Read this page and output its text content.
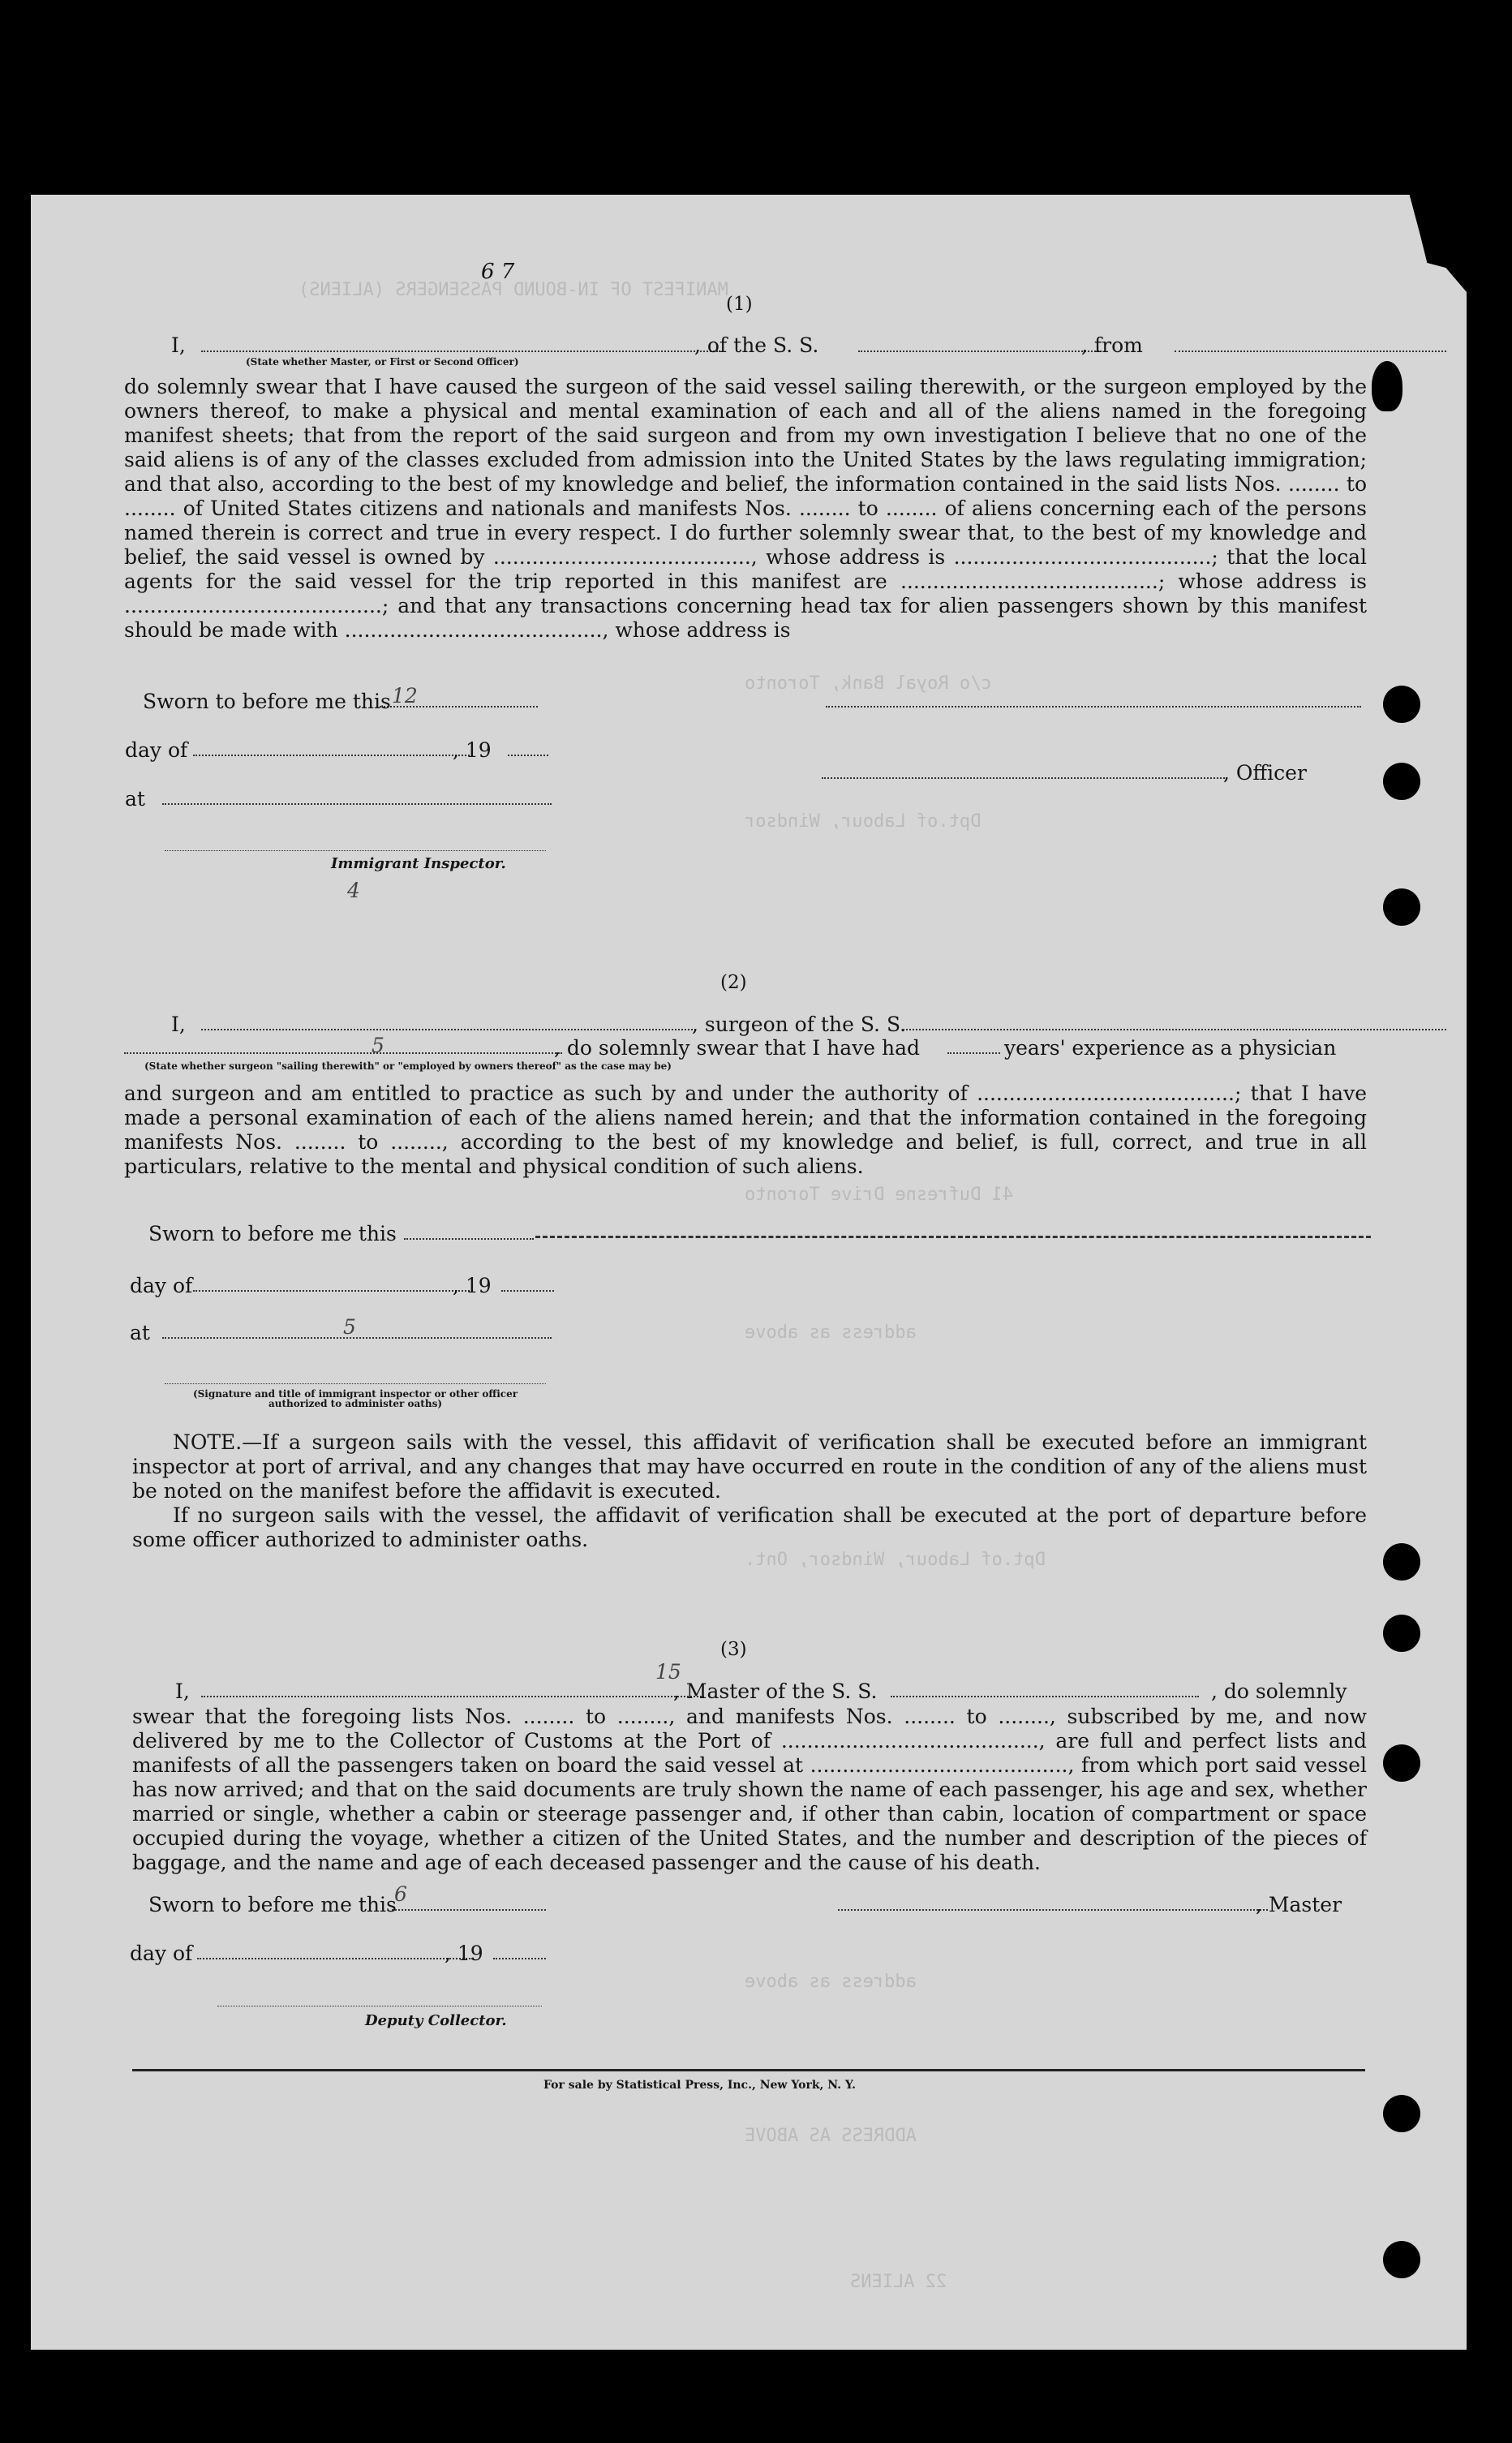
MANIFEST OF IN-BOUND PASSENGERS (ALIENS)
c/o Royal Bank, Toronto
Dpt.of Labour, Windsor
41 Dufresne Drive Toronto
address as above
Dpt.of Labour, Windsor, Ont.
address as above
ADDRESS AS ABOVE
22 ALIENS
6 7
(1)
I,	, of the S. S.	, from
(State whether Master, or First or Second Officer)
do solemnly swear that I have caused the surgeon of the said vessel sailing therewith, or the surgeon employed by the owners thereof, to make a physical and mental examination of each and all of the aliens named in the foregoing manifest sheets; that from the report of the said surgeon and from my own investigation I believe that no one of the said aliens is of any of the classes excluded from admission into the United States by the laws regulating immigration; and that also, according to the best of my knowledge and belief, the information contained in the said lists Nos. ........ to ........ of United States citizens and nationals and manifests Nos. ........ to ........ of aliens concerning each of the persons named therein is correct and true in every respect. I do further solemnly swear that, to the best of my knowledge and belief, the said vessel is owned by ........................................, whose address is ........................................; that the local agents for the said vessel for the trip reported in this manifest are ........................................; whose address is ........................................; and that any transactions concerning head tax for alien passengers shown by this manifest should be made with ........................................, whose address is
Sworn to before me this 12
day of	, 19
at
Immigrant Inspector.
4
, Officer
(2)
I,	, surgeon of the S. S.
5	, do solemnly swear that I have had	years' experience as a physician
(State whether surgeon "sailing therewith" or "employed by owners thereof" as the case may be)
and surgeon and am entitled to practice as such by and under the authority of ........................................; that I have made a personal examination of each of the aliens named herein; and that the information contained in the foregoing manifests Nos. ........ to ........, according to the best of my knowledge and belief, is full, correct, and true in all particulars, relative to the mental and physical condition of such aliens.
Sworn to before me this
day of	, 19
at	5
(Signature and title of immigrant inspector or other officer authorized to administer oaths)
NOTE.—If a surgeon sails with the vessel, this affidavit of verification shall be executed before an immigrant inspector at port of arrival, and any changes that may have occurred en route in the condition of any of the aliens must be noted on the manifest before the affidavit is executed.
If no surgeon sails with the vessel, the affidavit of verification shall be executed at the port of departure before some officer authorized to administer oaths.
(3)
15
I,	, Master of the S. S.	, do solemnly
swear that the foregoing lists Nos. ........ to ........, and manifests Nos. ........ to ........, subscribed by me, and now delivered by me to the Collector of Customs at the Port of ........................................, are full and perfect lists and manifests of all the passengers taken on board the said vessel at ........................................, from which port said vessel has now arrived; and that on the said documents are truly shown the name of each passenger, his age and sex, whether married or single, whether a cabin or steerage passenger and, if other than cabin, location of compartment or space occupied during the voyage, whether a citizen of the United States, and the number and description of the pieces of baggage, and the name and age of each deceased passenger and the cause of his death.
Sworn to before me this
6
day of	, 19
Deputy Collector.
, Master
For sale by Statistical Press, Inc., New York, N. Y.
